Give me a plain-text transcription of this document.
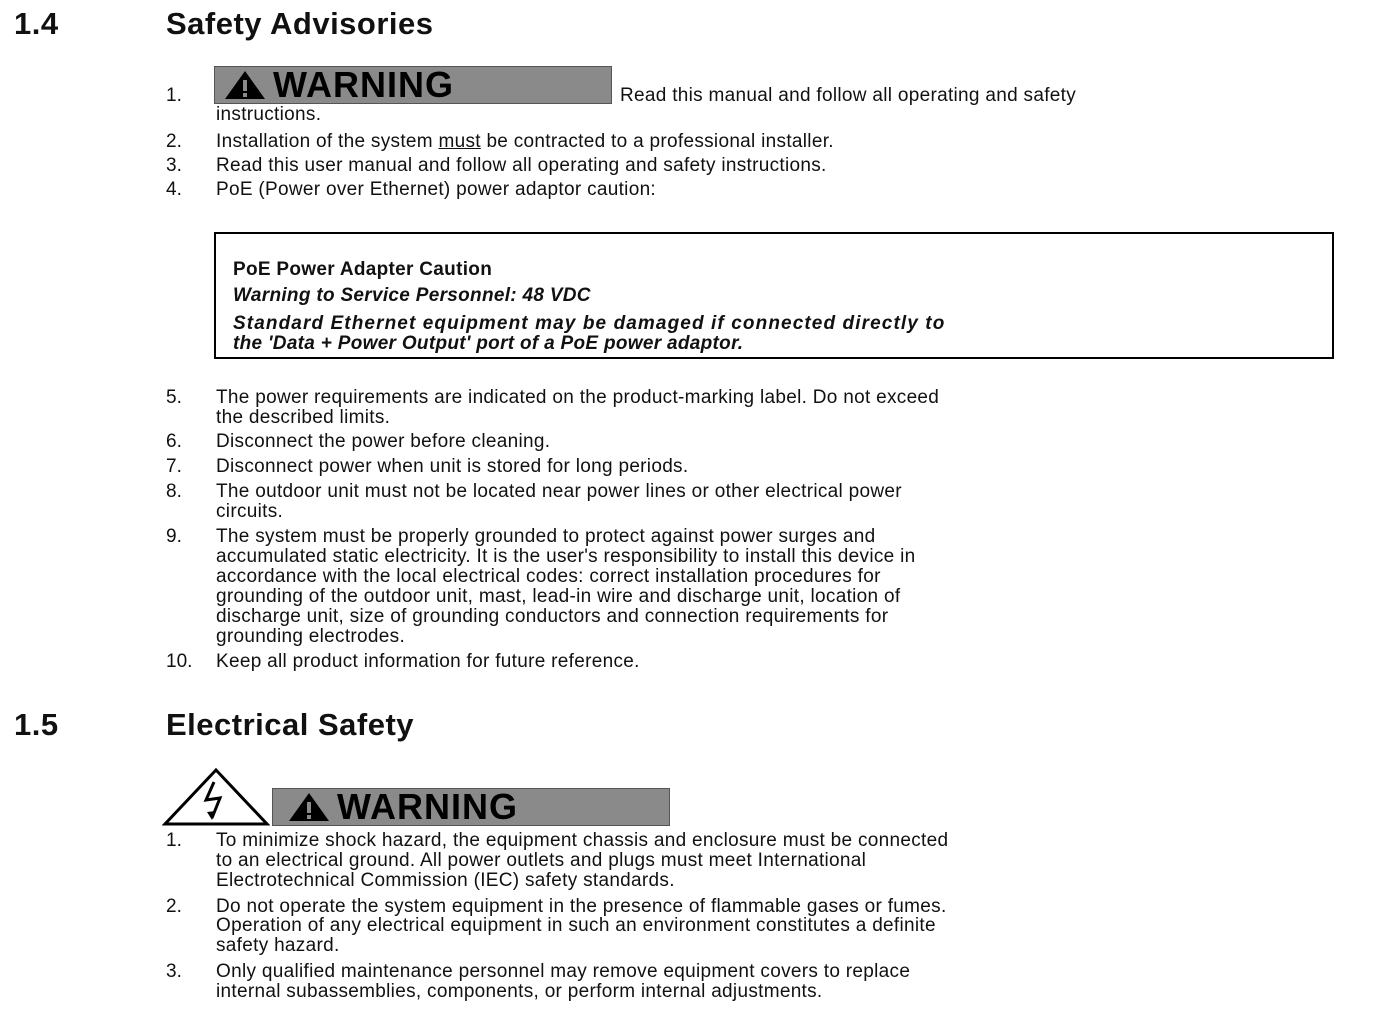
1.4	Safety Advisories
1.	WARNING	Read this manual and follow all operating and safety
instructions.
2. Installation of the system must be contracted to a professional installer.
3. Read this user manual and follow all operating and safety instructions.
4. PoE (Power over Ethernet) power adaptor caution:
PoE Power Adapter Caution
Warning to Service Personnel: 48 VDC
Standard Ethernet equipment may be damaged if connected directly to
the 'Data + Power Output' port of a PoE power adaptor.
5. The power requirements are indicated on the product-marking label. Do not exceed
the described limits.
6. Disconnect the power before cleaning.
7. Disconnect power when unit is stored for long periods.
8. The outdoor unit must not be located near power lines or other electrical power
circuits.
9. The system must be properly grounded to protect against power surges and
accumulated static electricity. It is the user's responsibility to install this device in
accordance with the local electrical codes: correct installation procedures for
grounding of the outdoor unit, mast, lead-in wire and discharge unit, location of
discharge unit, size of grounding conductors and connection requirements for
grounding electrodes.
10. Keep all product information for future reference.
1.5	Electrical Safety
WARNING
1. To minimize shock hazard, the equipment chassis and enclosure must be connected
to an electrical ground. All power outlets and plugs must meet International
Electrotechnical Commission (IEC) safety standards.
2. Do not operate the system equipment in the presence of flammable gases or fumes.
Operation of any electrical equipment in such an environment constitutes a definite
safety hazard.
3. Only qualified maintenance personnel may remove equipment covers to replace
internal subassemblies, components, or perform internal adjustments.
